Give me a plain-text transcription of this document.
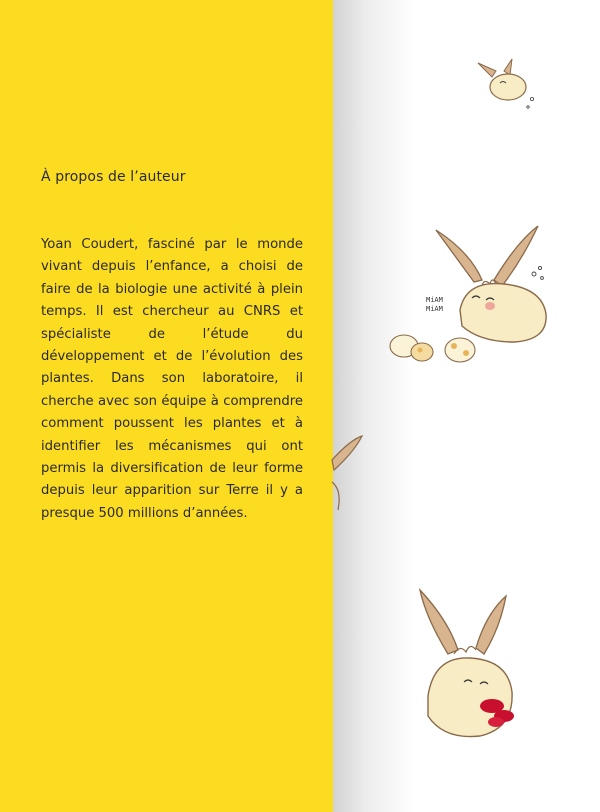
À propos de l’auteur

Yoan Coudert, fasciné par le monde vivant depuis l’enfance, a choisi de faire de la biologie une activité à plein temps. Il est chercheur au CNRS et spécialiste de l’étude du développement et de l’évolution des plantes. Dans son laboratoire, il cherche avec son équipe à comprendre comment poussent les plantes et à identifier les mécanismes qui ont permis la diversification de leur forme depuis leur apparition sur Terre il y a presque 500 millions d’années.

MiAM MiAM
